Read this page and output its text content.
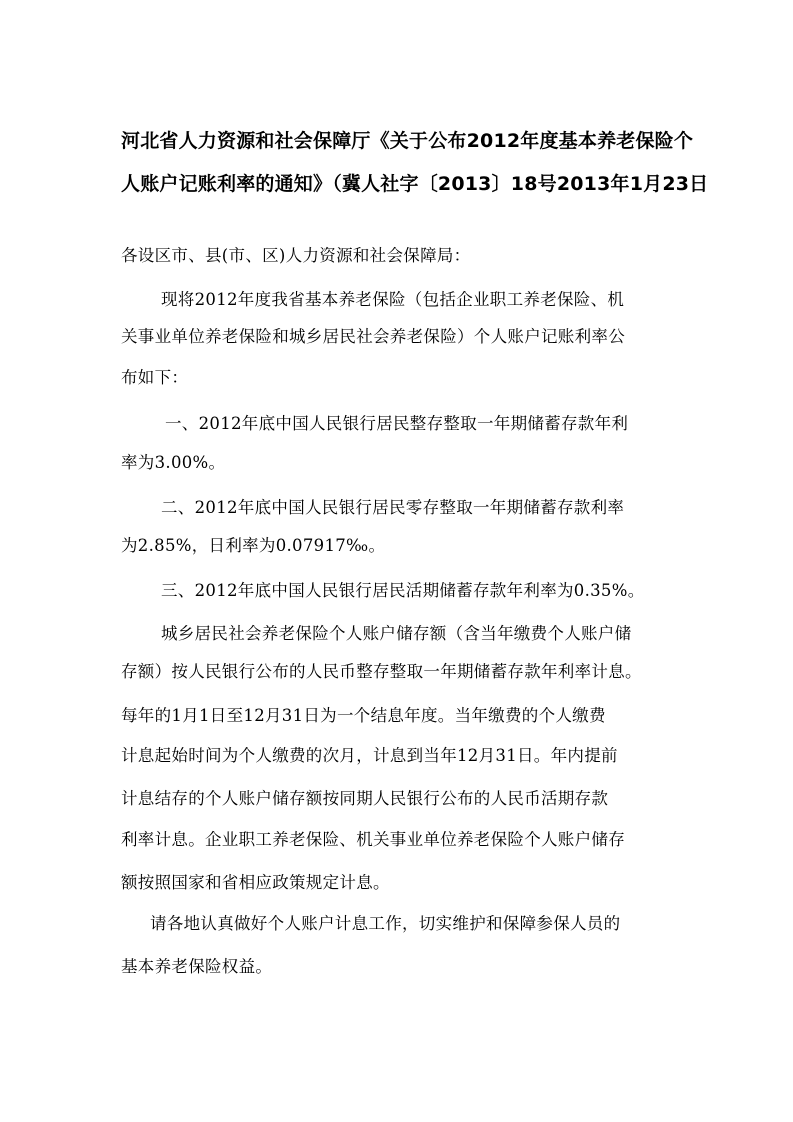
河北省人力资源和社会保障厅《关于公布2012年度基本养老保险个
人账户记账利率的通知》（冀人社字〔2013〕18号2013年1月23日
各设区市、县(市、区)人力资源和社会保障局：
现将2012年度我省基本养老保险（包括企业职工养老保险、机
关事业单位养老保险和城乡居民社会养老保险）个人账户记账利率公
布如下：
一、2012年底中国人民银行居民整存整取一年期储蓄存款年利
率为3.00%。
二、2012年底中国人民银行居民零存整取一年期储蓄存款利率
为2.85%，日利率为0.07917‰。
三、2012年底中国人民银行居民活期储蓄存款年利率为0.35%。
城乡居民社会养老保险个人账户储存额（含当年缴费个人账户储
存额）按人民银行公布的人民币整存整取一年期储蓄存款年利率计息。
每年的1月1日至12月31日为一个结息年度。当年缴费的个人缴费
计息起始时间为个人缴费的次月，计息到当年12月31日。年内提前
计息结存的个人账户储存额按同期人民银行公布的人民币活期存款
利率计息。企业职工养老保险、机关事业单位养老保险个人账户储存
额按照国家和省相应政策规定计息。
请各地认真做好个人账户计息工作，切实维护和保障参保人员的
基本养老保险权益。
